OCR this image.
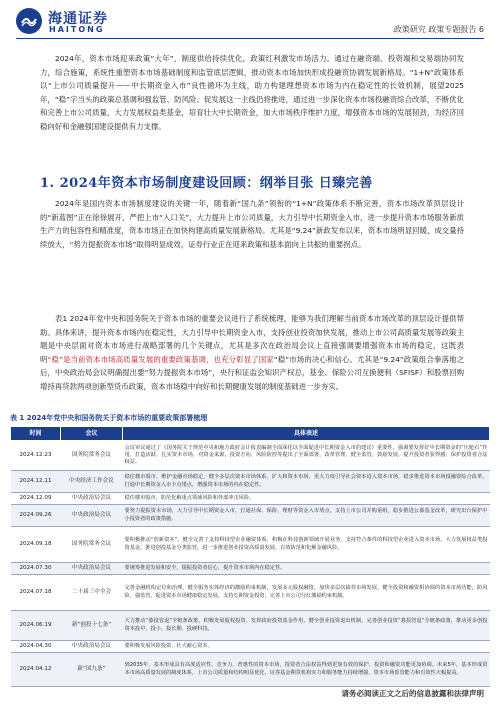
海通证券
HAITONG	政策研究 政策专题报告 6
2024年，资本市场迎来政策“大年”，制度供给持续优化，政策红利激发市场活力。通过在融资端、投资端和交易端协同发力，综合施策，系统性重塑资本市场基础制度和监管底层逻辑，推动资本市场加快形成投融资协调发展新格局。“1+N”政策体系以“上市公司质量提升——中长期资金入市”良性循环为主线，助力构建理想资本市场为内在稳定性的长效机制，展望2025年，“稳”字当头的政策总基调和强监管、防风险、促发展这一主线仍将推进，通过进一步深化资本市场投融资综合改革，不断优化和完善上市公司质量，大力发展权益类基金，培育壮大中长期资金，加大市场秩序维护力度，增强资本市场的发展韧劲，为经济回稳向好和金融强国建设提供有力支撑。
1. 2024年资本市场制度建设回顾：纲举目张 日臻完善
2024年是国内资本市场制度建设的关键一年，随着新“国九条”领衔的“1+N”政策体系不断完善，资本市场改革顶层设计的“新蓝图”正在徐徐展开，严把上市“入口关”，大力提升上市公司质量，大力引导中长期资金入市，进一步提升资本市场服务新质生产力的包容性和精准度，资本市场正在加快构建高质量发展新格局。尤其是“9.24”新政发布以来，资本市场明显回暖，成交量持续放大，“势力提振资本市场”取得明显成效，证券行业正在迎来政策和基本面向上共振的重要拐点。
表1 2024年党中央和国务院关于资本市场的重要会议进行了系统梳理，能够为我们理解当前资本市场改革的顶层设计提供帮助。具体来讲，提升资本市场内在稳定性，大力引导中长期资金入市，支持创业投资加快发展，推动上市公司高质量发展等政策主题是中央层面对资本市场进行战略部署的几个关键点，尤其是多次在政治局会议上直接强调要增强资本市场的稳定，这既表明“稳”是当前资本市场高质量发展的重要政策基调，也充分彰显了国家“稳”市场的决心和信心。尤其是“9.24”政策组合拳落地之后，中央政治局会议明确提出要“努力提振资本市场”，央行和证监会知识产权总，基金、保险公司互换便利（SFISF）和股票回购增持再贷款两项创新型货币政策，资本市场稳中向好和长期健康发展的制度基础进一步夯实。
表 1 2024年党中央和国务院关于资本市场的重要政策部署梳理
时间	会议	具体表述
2024.12.23	国务院常务会议	会议审议通过了《国务院关于规范中央和地方政府会计报表编制全面深化以全面促进中长期资金入市的建议》重要性，强调要发挥好中长期资金的“压舱石”作用，打造活跃、扎实资本市场，对资金来源、投资方向、风险防控等提出了全面部署，改革管理、健全监管，鼓励发展、提升投资者获得感、保护投资者合法权益。
2024.12.11	中央经济工作会议	稳住楼市股市，维护金融市场稳定，健全多层次资本市场体系，扩大和资本市场，更大力度引导社会资本进入资本市场，稳步推进资本市场投融资综合改革，打通中长期资金入市卡点堵点，增强资本市场的内在稳定性。
2024.12.09	中央政治局会议	稳住楼市股市，防范化解重点领域风险和外部冲击风险。
2024.09.26	中央政治局会议	要努力提振资本市场，大力引导中长期资金入市，打通社保、保险、理财等资金入市堵点，支持上市公司并购重组，稳步推进公募基金改革，研究出台保护中小投资者的政策措施。
2024.09.18	国务院常务会议	要积极推动“创新资本”，健全完善了支持科技型企业融资体系，积极在科技创新领域开展业务，支持符合条件的科技型企业进入资本市场。大力发展权益类投资基金，推进创投基金分类监管，进一步推进创业投资高质量发展，有效防范和化解金融风险。
2024.07.30	中央政治局会议	要统筹推进发展和安全，提振投资者信心，提升资本市场内在稳定性。
2024.07.18	二十届三中全会	完善金融机构定位和治理，健全服务实体经济的激励约束机制，发展多元股权融资，加快多层次债券市场发展，健全投资和融资相协调的资本市场功能，防风险、强监管，促进资本市场健康稳定发展。支持长期资金投资，完善上市公司分红激励约束机制。
2024.06.19	新“创投十七条”	大力推动“募投管退”全链条政策，积极发展股权投资，发挥政府投资基金作用，健全创业投资退出机制，完善创业投资“募投管退”全链条政策，推动更多创投资本投早、投小、投长期、投硬科技。
2024.04.30	中央政治局会议	要积极发展风险投资，壮大耐心资本。
2024.04.12	新“国九条”	到2035年，基本形成具有高度适应性、竞争力、普惠性的资本市场，投资者合法权益得到更加有效的保护，投资和融资功能更加协调。未来5年，基本形成资本市场高质量发展的制度体系，上市公司质量和结构明显优化，证券基金期货机构实力和服务能力持续增强，资本市场监管能力和有效性大幅提高。
请务必阅读正文之后的信息披露和法律声明
